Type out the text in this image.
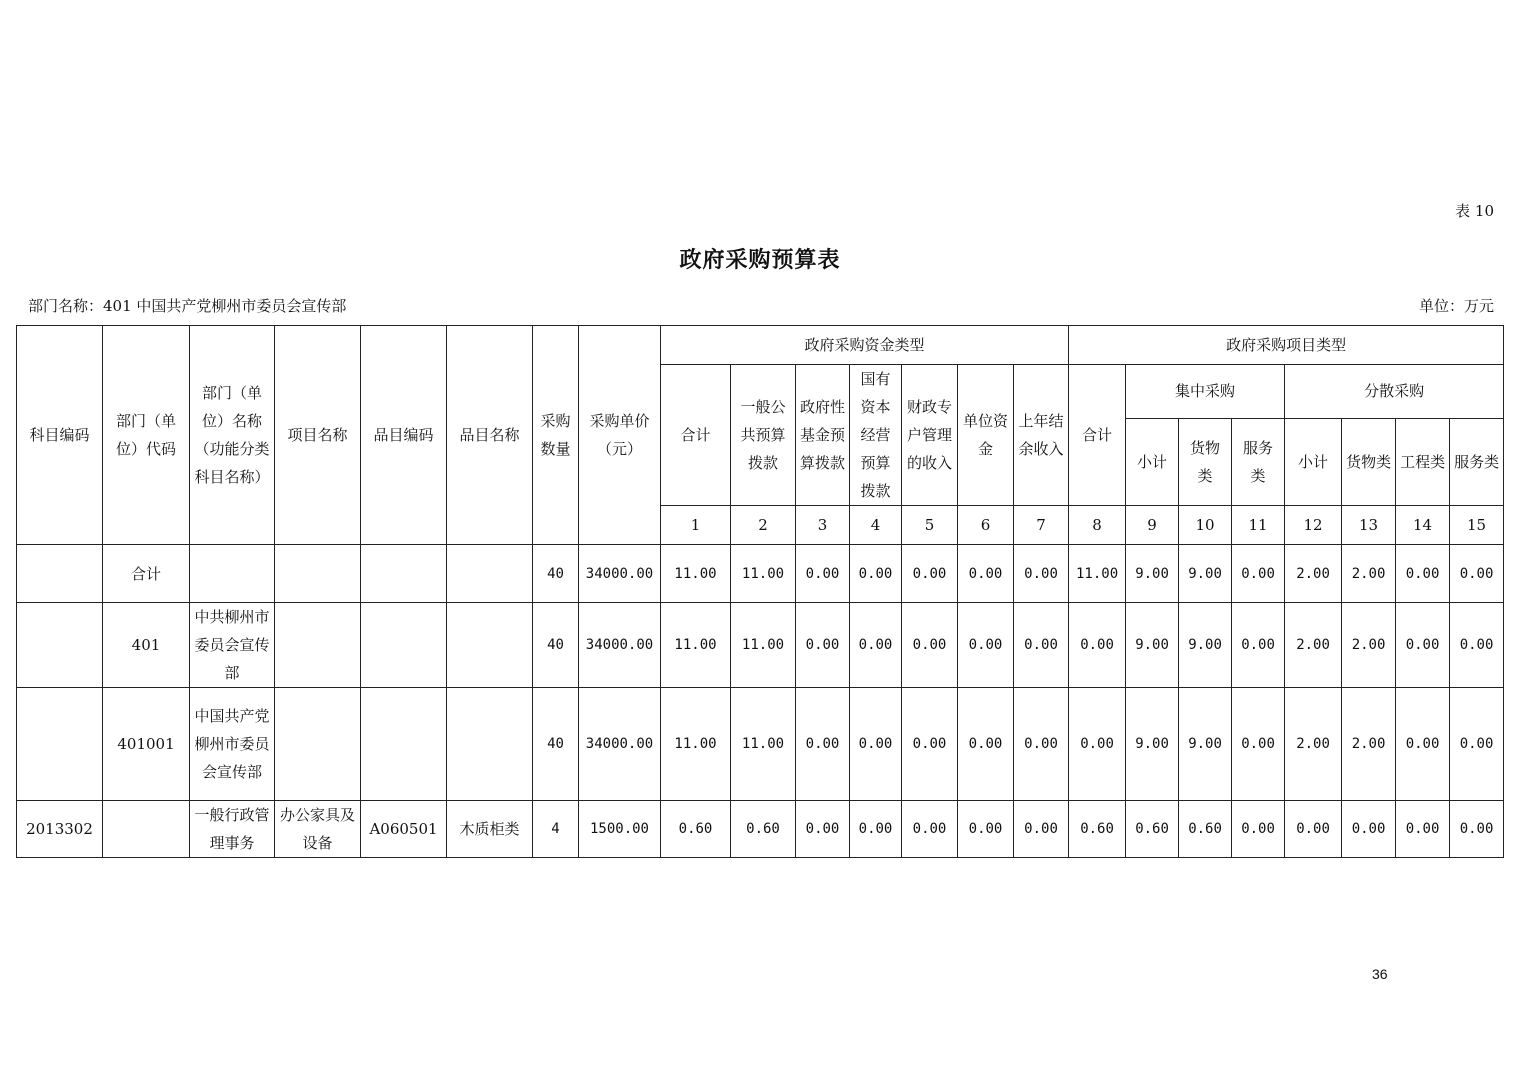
表 10
政府采购预算表
部门名称：401 中国共产党柳州市委员会宣传部	单位：万元
科目编码	部门（单位）代码	部门（单位）名称（功能分类科目名称）	项目名称	品目编码	品目名称	采购数量	采购单价（元）	政府采购资金类型							政府采购项目类型							
								合计	一般公共预算拨款	政府性基金预算拨款	国有资本经营预算拨款	财政专户管理的收入	单位资金	上年结余收入	合计	集中采购			分散采购			
																小计	货物类	服务类	小计	货物类	工程类	服务类
								1	2	3	4	5	6	7	8	9	10	11	12	13	14	15
	合计					40	34000.00	11.00	11.00	0.00	0.00	0.00	0.00	0.00	11.00	9.00	9.00	0.00	2.00	2.00	0.00	0.00
	401	中共柳州市委员会宣传部				40	34000.00	11.00	11.00	0.00	0.00	0.00	0.00	0.00	0.00	9.00	9.00	0.00	2.00	2.00	0.00	0.00
	401001	中国共产党柳州市委员会宣传部				40	34000.00	11.00	11.00	0.00	0.00	0.00	0.00	0.00	0.00	9.00	9.00	0.00	2.00	2.00	0.00	0.00
2013302		一般行政管理事务	办公家具及设备	A060501	木质柜类	4	1500.00	0.60	0.60	0.00	0.00	0.00	0.00	0.00	0.60	0.60	0.60	0.00	0.00	0.00	0.00	0.00
36
